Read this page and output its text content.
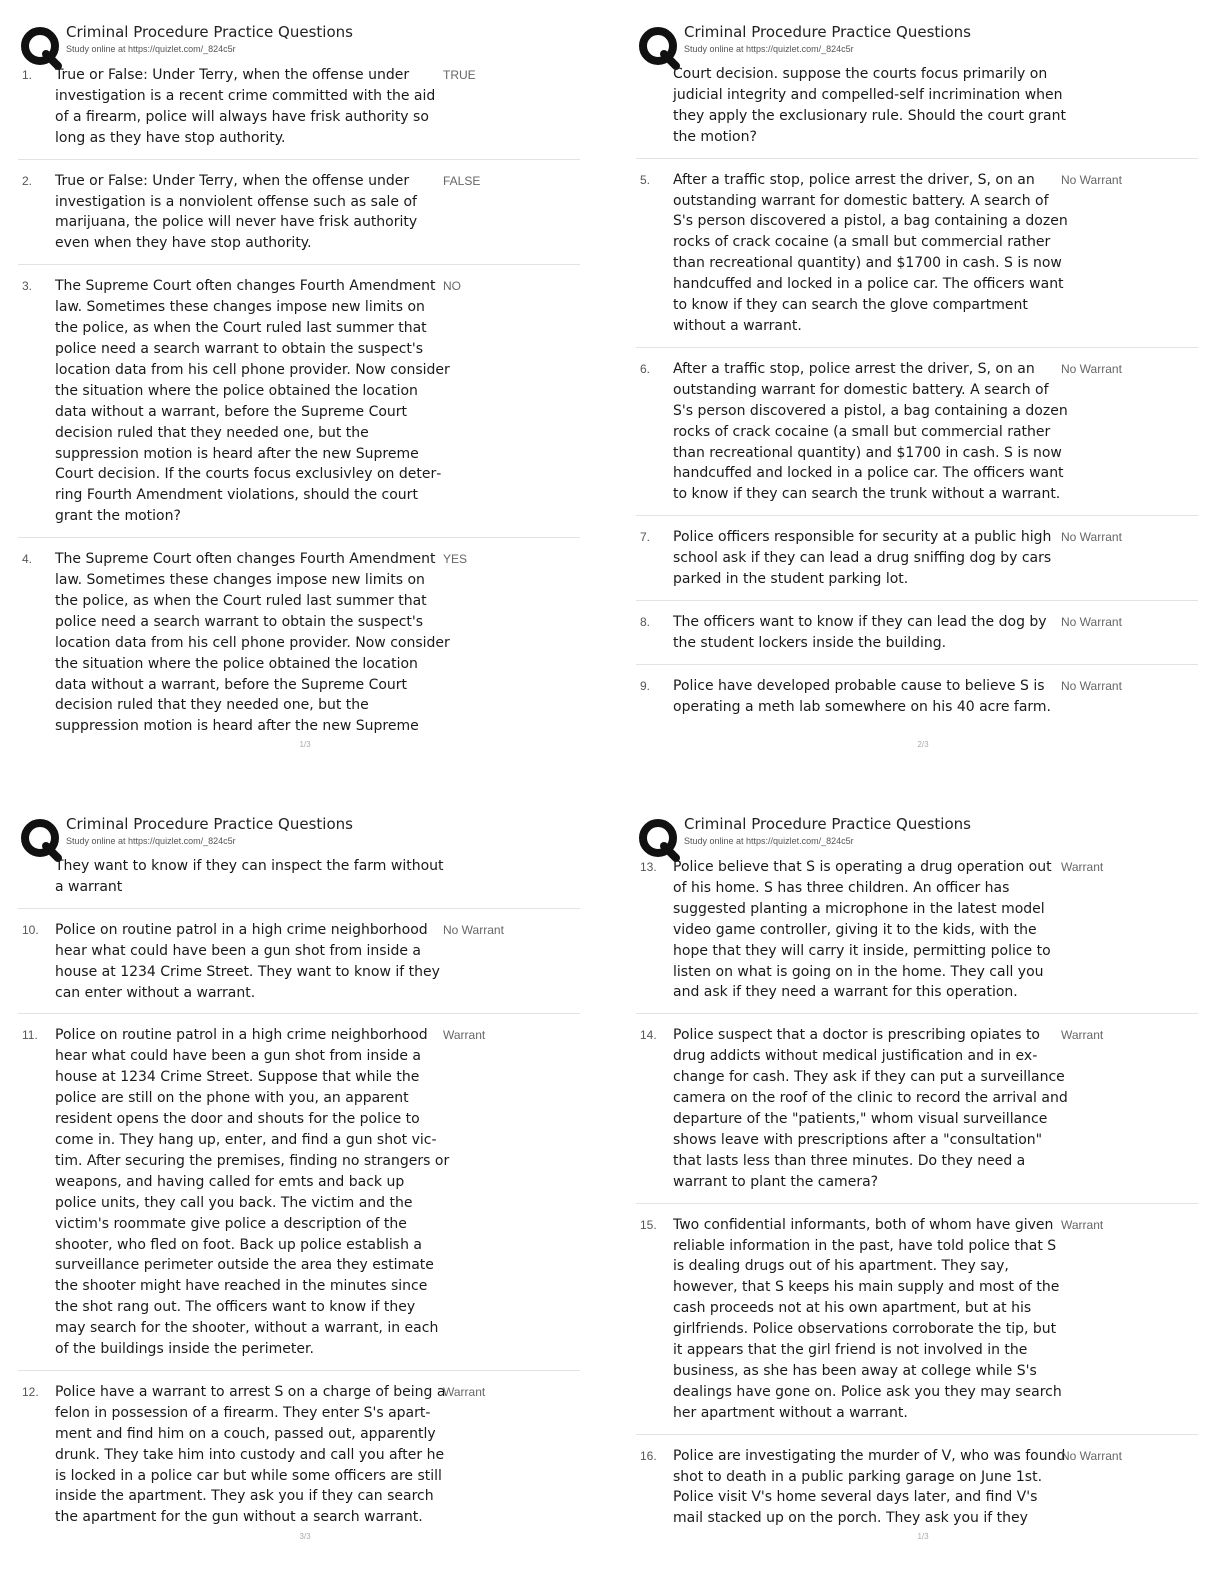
Criminal Procedure Practice Questions
Study online at https://quizlet.com/_824c5r
1.	TRUE
True or False: Under Terry, when the offense under investigation is a recent crime committed with the aid of a firearm, police will always have frisk authority so long as they have stop authority.
2.	FALSE
True or False: Under Terry, when the offense under investigation is a nonviolent offense such as sale of marijuana, the police will never have frisk authority even when they have stop authority.
3.	NO
The Supreme Court often changes Fourth Amendment law. Sometimes these changes impose new limits on the police, as when the Court ruled last summer that police need a search warrant to obtain the suspect's location data from his cell phone provider. Now consider the situation where the police obtained the location data without a warrant, before the Supreme Court decision ruled that they needed one, but the suppression motion is heard after the new Supreme Court decision. If the courts focus exclusivley on deterring Fourth Amendment violations, should the court grant the motion?
4.	YES
The Supreme Court often changes Fourth Amendment law. Sometimes these changes impose new limits on the police, as when the Court ruled last summer that police need a search warrant to obtain the suspect's location data from his cell phone provider. Now consider the situation where the police obtained the location data without a warrant, before the Supreme Court decision ruled that they needed one, but the suppression motion is heard after the new Supreme
1/3
Criminal Procedure Practice Questions
Study online at https://quizlet.com/_824c5r
Court decision. suppose the courts focus primarily on judicial integrity and compelled-self incrimination when they apply the exclusionary rule. Should the court grant the motion?
5.	No Warrant
After a traffic stop, police arrest the driver, S, on an outstanding warrant for domestic battery. A search of S's person discovered a pistol, a bag containing a dozen rocks of crack cocaine (a small but commercial rather than recreational quantity) and $1700 in cash. S is now handcuffed and locked in a police car. The officers want to know if they can search the glove compartment without a warrant.
6.	No Warrant
After a traffic stop, police arrest the driver, S, on an outstanding warrant for domestic battery. A search of S's person discovered a pistol, a bag containing a dozen rocks of crack cocaine (a small but commercial rather than recreational quantity) and $1700 in cash. S is now handcuffed and locked in a police car. The officers want to know if they can search the trunk without a warrant.
7.	No Warrant
Police officers responsible for security at a public high school ask if they can lead a drug sniffing dog by cars parked in the student parking lot.
8.	No Warrant
The officers want to know if they can lead the dog by the student lockers inside the building.
9.	No Warrant
Police have developed probable cause to believe S is operating a meth lab somewhere on his 40 acre farm.
2/3
Criminal Procedure Practice Questions
Study online at https://quizlet.com/_824c5r
They want to know if they can inspect the farm without a warrant
10.	No Warrant
Police on routine patrol in a high crime neighborhood hear what could have been a gun shot from inside a house at 1234 Crime Street. They want to know if they can enter without a warrant.
11.	Warrant
Police on routine patrol in a high crime neighborhood hear what could have been a gun shot from inside a house at 1234 Crime Street. Suppose that while the police are still on the phone with you, an apparent resident opens the door and shouts for the police to come in. They hang up, enter, and find a gun shot victim. After securing the premises, finding no strangers or weapons, and having called for emts and back up police units, they call you back. The victim and the victim's roommate give police a description of the shooter, who fled on foot. Back up police establish a surveillance perimeter outside the area they estimate the shooter might have reached in the minutes since the shot rang out. The officers want to know if they may search for the shooter, without a warrant, in each of the buildings inside the perimeter.
12.	Warrant
Police have a warrant to arrest S on a charge of being a felon in possession of a firearm. They enter S's apartment and find him on a couch, passed out, apparently drunk. They take him into custody and call you after he is locked in a police car but while some officers are still inside the apartment. They ask you if they can search the apartment for the gun without a search warrant.
3/3
Criminal Procedure Practice Questions
Study online at https://quizlet.com/_824c5r
13.	Warrant
Police believe that S is operating a drug operation out of his home. S has three children. An officer has suggested planting a microphone in the latest model video game controller, giving it to the kids, with the hope that they will carry it inside, permitting police to listen on what is going on in the home. They call you and ask if they need a warrant for this operation.
14.	Warrant
Police suspect that a doctor is prescribing opiates to drug addicts without medical justification and in exchange for cash. They ask if they can put a surveillance camera on the roof of the clinic to record the arrival and departure of the "patients," whom visual surveillance shows leave with prescriptions after a "consultation" that lasts less than three minutes. Do they need a warrant to plant the camera?
15.	Warrant
Two confidential informants, both of whom have given reliable information in the past, have told police that S is dealing drugs out of his apartment. They say, however, that S keeps his main supply and most of the cash proceeds not at his own apartment, but at his girlfriends. Police observations corroborate the tip, but it appears that the girl friend is not involved in the business, as she has been away at college while S's dealings have gone on. Police ask you they may search her apartment without a warrant.
16.	No Warrant
Police are investigating the murder of V, who was found shot to death in a public parking garage on June 1st. Police visit V's home several days later, and find V's mail stacked up on the porch. They ask you if they
1/3
